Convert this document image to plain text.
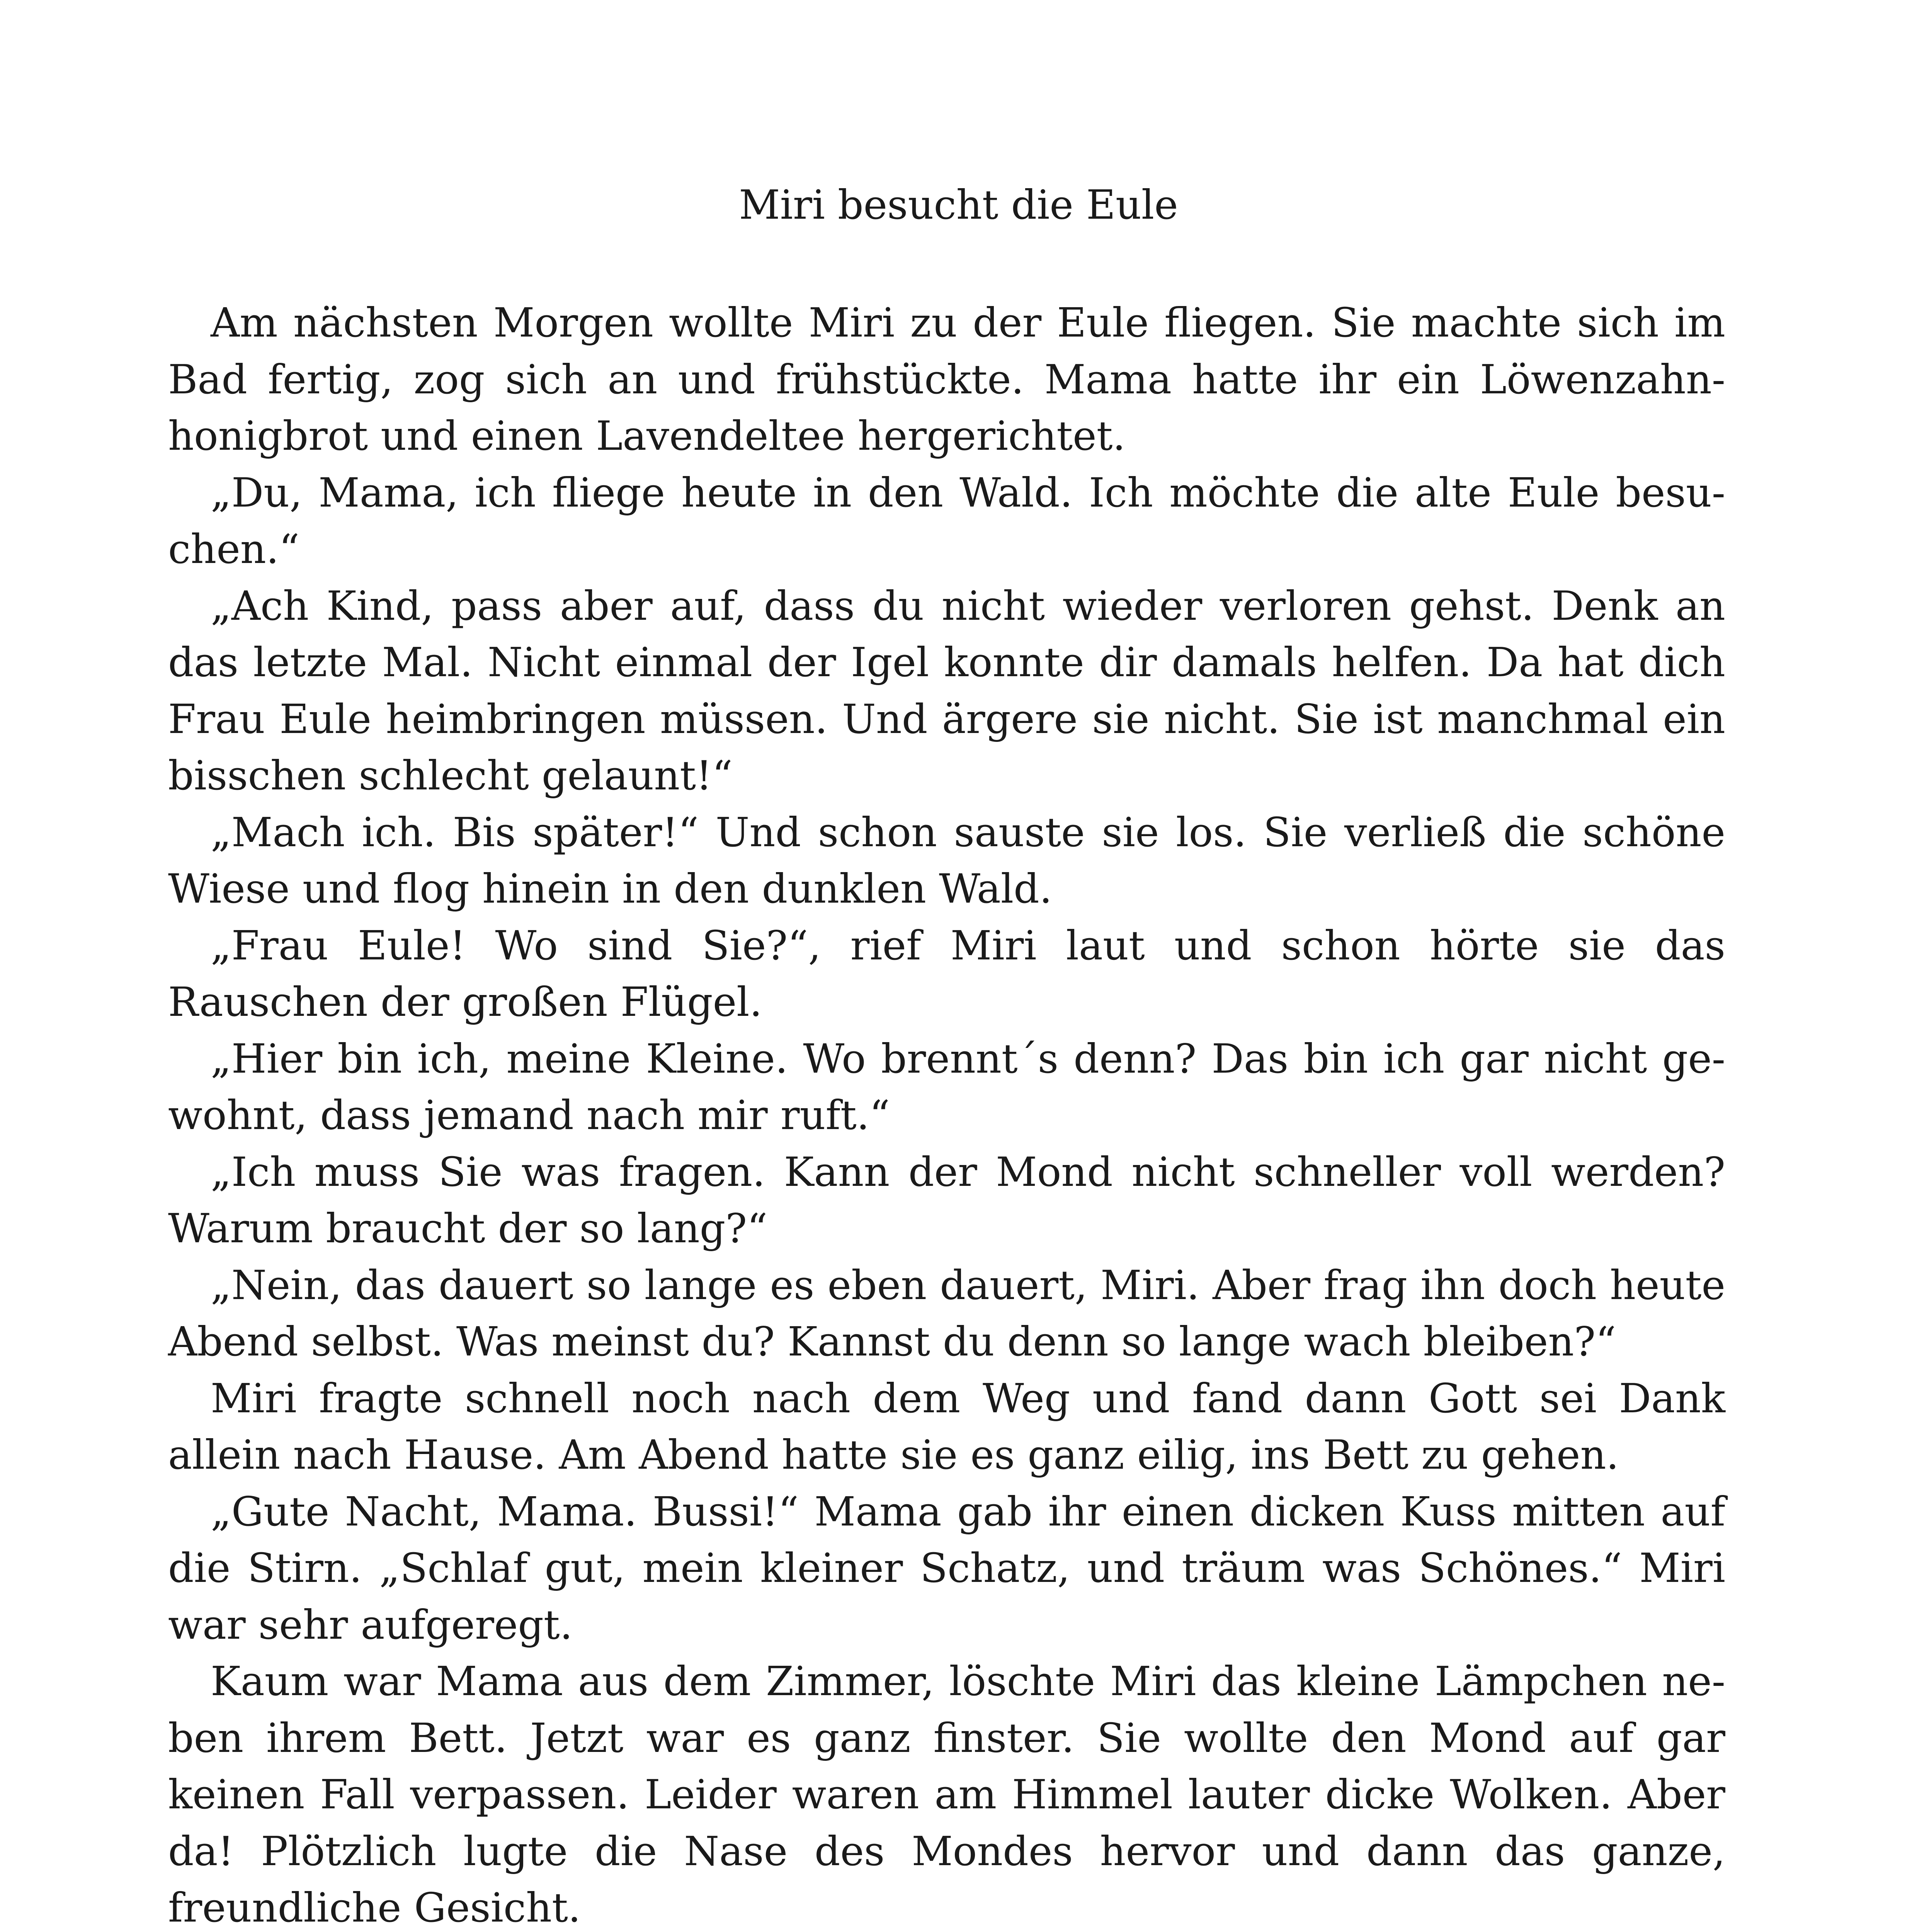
Miri besucht die Eule

Am nächsten Morgen wollte Miri zu der Eule fliegen. Sie machte sich im Bad fertig, zog sich an und frühstückte. Mama hatte ihr ein Löwenzahnhonigbrot und einen Lavendeltee hergerichtet.

„Du, Mama, ich fliege heute in den Wald. Ich möchte die alte Eule besuchen.“

„Ach Kind, pass aber auf, dass du nicht wieder verloren gehst. Denk an das letzte Mal. Nicht einmal der Igel konnte dir damals helfen. Da hat dich Frau Eule heimbringen müssen. Und ärgere sie nicht. Sie ist manchmal ein bisschen schlecht gelaunt!“

„Mach ich. Bis später!“ Und schon sauste sie los. Sie verließ die schöne Wiese und flog hinein in den dunklen Wald.

„Frau Eule! Wo sind Sie?“, rief Miri laut und schon hörte sie das Rauschen der großen Flügel.

„Hier bin ich, meine Kleine. Wo brennt´s denn? Das bin ich gar nicht gewohnt, dass jemand nach mir ruft.“

„Ich muss Sie was fragen. Kann der Mond nicht schneller voll werden? Warum braucht der so lang?“

„Nein, das dauert so lange es eben dauert, Miri. Aber frag ihn doch heute Abend selbst. Was meinst du? Kannst du denn so lange wach bleiben?“

Miri fragte schnell noch nach dem Weg und fand dann Gott sei Dank allein nach Hause. Am Abend hatte sie es ganz eilig, ins Bett zu gehen.

„Gute Nacht, Mama. Bussi!“ Mama gab ihr einen dicken Kuss mitten auf die Stirn. „Schlaf gut, mein kleiner Schatz, und träum was Schönes.“ Miri war sehr aufgeregt.

Kaum war Mama aus dem Zimmer, löschte Miri das kleine Lämpchen neben ihrem Bett. Jetzt war es ganz finster. Sie wollte den Mond auf gar keinen Fall verpassen. Leider waren am Himmel lauter dicke Wolken. Aber da! Plötzlich lugte die Nase des Mondes hervor und dann das ganze, freundliche Gesicht.
